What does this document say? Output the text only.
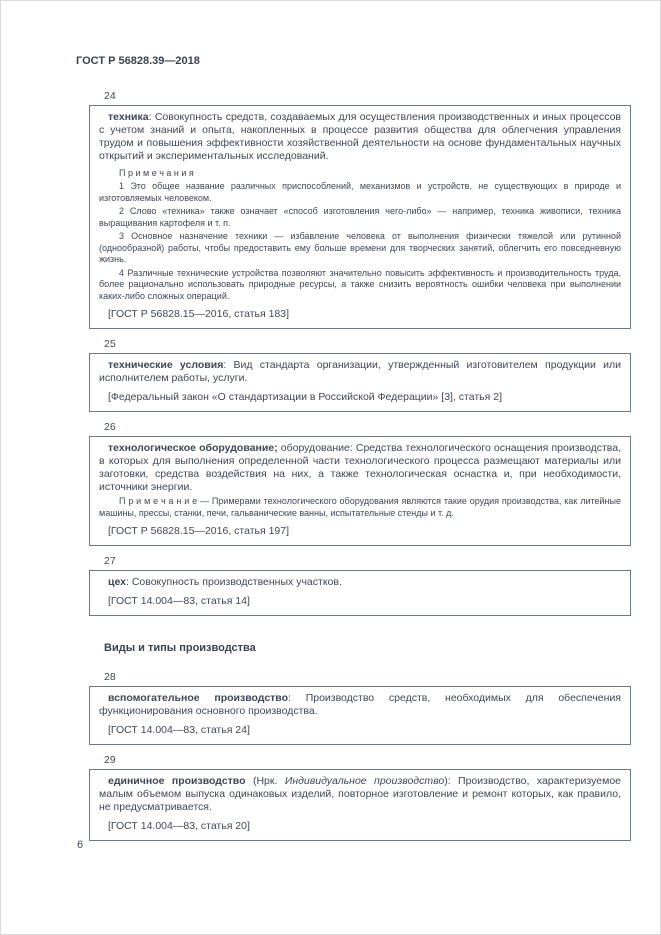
ГОСТ Р 56828.39—2018
24

техника: Совокупность средств, создаваемых для осуществления производственных и иных процессов с учетом знаний и опыта, накопленных в процессе развития общества для облегчения управления трудом и повышения эффективности хозяйственной деятельности на основе фундаментальных научных открытий и экспериментальных исследований.

П р и м е ч а н и я

1 Это общее название различных приспособлений, механизмов и устройств, не существующих в природе и изготовляемых человеком.

2 Слово «техника» также означает «способ изготовления чего-либо» — например, техника живописи, техника выращивания картофеля и т. п.

3 Основное назначение техники — избавление человека от выполнения физически тяжелой или рутинной (однообразной) работы, чтобы предоставить ему больше времени для творческих занятий, облегчить его повседневную жизнь.

4 Различные технические устройства позволяют значительно повысить эффективность и производительность труда, более рационально использовать природные ресурсы, а также снизить вероятность ошибки человека при выполнении каких-либо сложных операций.

[ГОСТ Р 56828.15—2016, статья 183]

25

технические условия: Вид стандарта организации, утвержденный изготовителем продукции или исполнителем работы, услуги.

[Федеральный закон «О стандартизации в Российской Федерации» [3], статья 2]

26

технологическое оборудование; оборудование: Средства технологического оснащения производства, в которых для выполнения определенной части технологического процесса размещают материалы или заготовки, средства воздействия на них, а также технологическая оснастка и, при необходимости, источники энергии.

П р и м е ч а н и е — Примерами технологического оборудования являются такие орудия производства, как литейные машины, прессы, станки, печи, гальванические ванны, испытательные стенды и т. д.

[ГОСТ Р 56828.15—2016, статья 197]

27

цех: Совокупность производственных участков.

[ГОСТ 14.004—83, статья 14]

Виды и типы производства
28

вспомогательное производство: Производство средств, необходимых для обеспечения функционирования основного производства.

[ГОСТ 14.004—83, статья 24]

29

единичное производство (Нрк. Индивидуальное производство): Производство, характеризуемое малым объемом выпуска одинаковых изделий, повторное изготовление и ремонт которых, как правило, не предусматривается.

[ГОСТ 14.004—83, статья 20]

6
